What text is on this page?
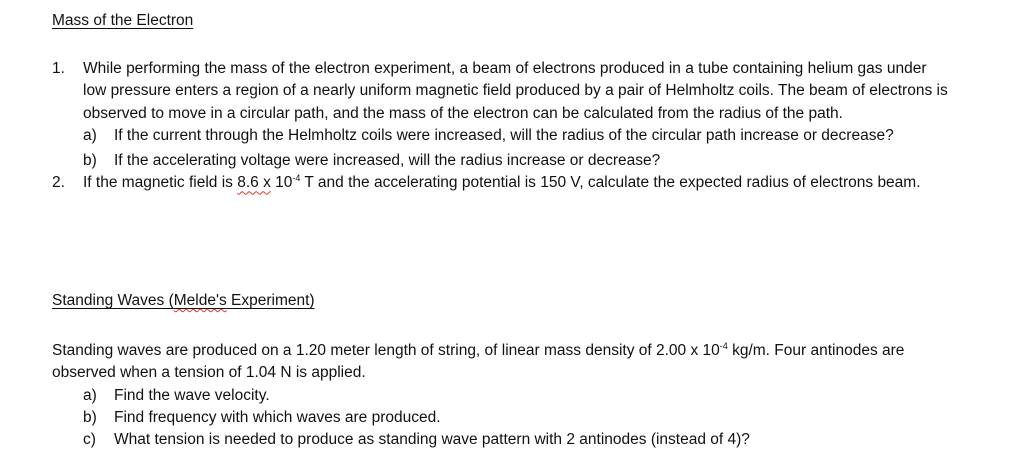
Mass of the Electron
1.	While performing the mass of the electron experiment, a beam of electrons produced in a tube containing helium gas under low pressure enters a region of a nearly uniform magnetic field produced by a pair of Helmholtz coils. The beam of electrons is observed to move in a circular path, and the mass of the electron can be calculated from the radius of the path.
a)	If the current through the Helmholtz coils were increased, will the radius of the circular path increase or decrease?
b)	If the accelerating voltage were increased, will the radius increase or decrease?
2.	If the magnetic field is 8.6 x $10^{-4}$ T and the accelerating potential is 150 V, calculate the expected radius of electrons beam.
Standing Waves (Melde's Experiment)
Standing waves are produced on a 1.20 meter length of string, of linear mass density of 2.00 x $10^{-4}$ kg/m. Four antinodes are observed when a tension of 1.04 N is applied.
a)	Find the wave velocity.
b)	Find frequency with which waves are produced.
c)	What tension is needed to produce as standing wave pattern with 2 antinodes (instead of 4)?
